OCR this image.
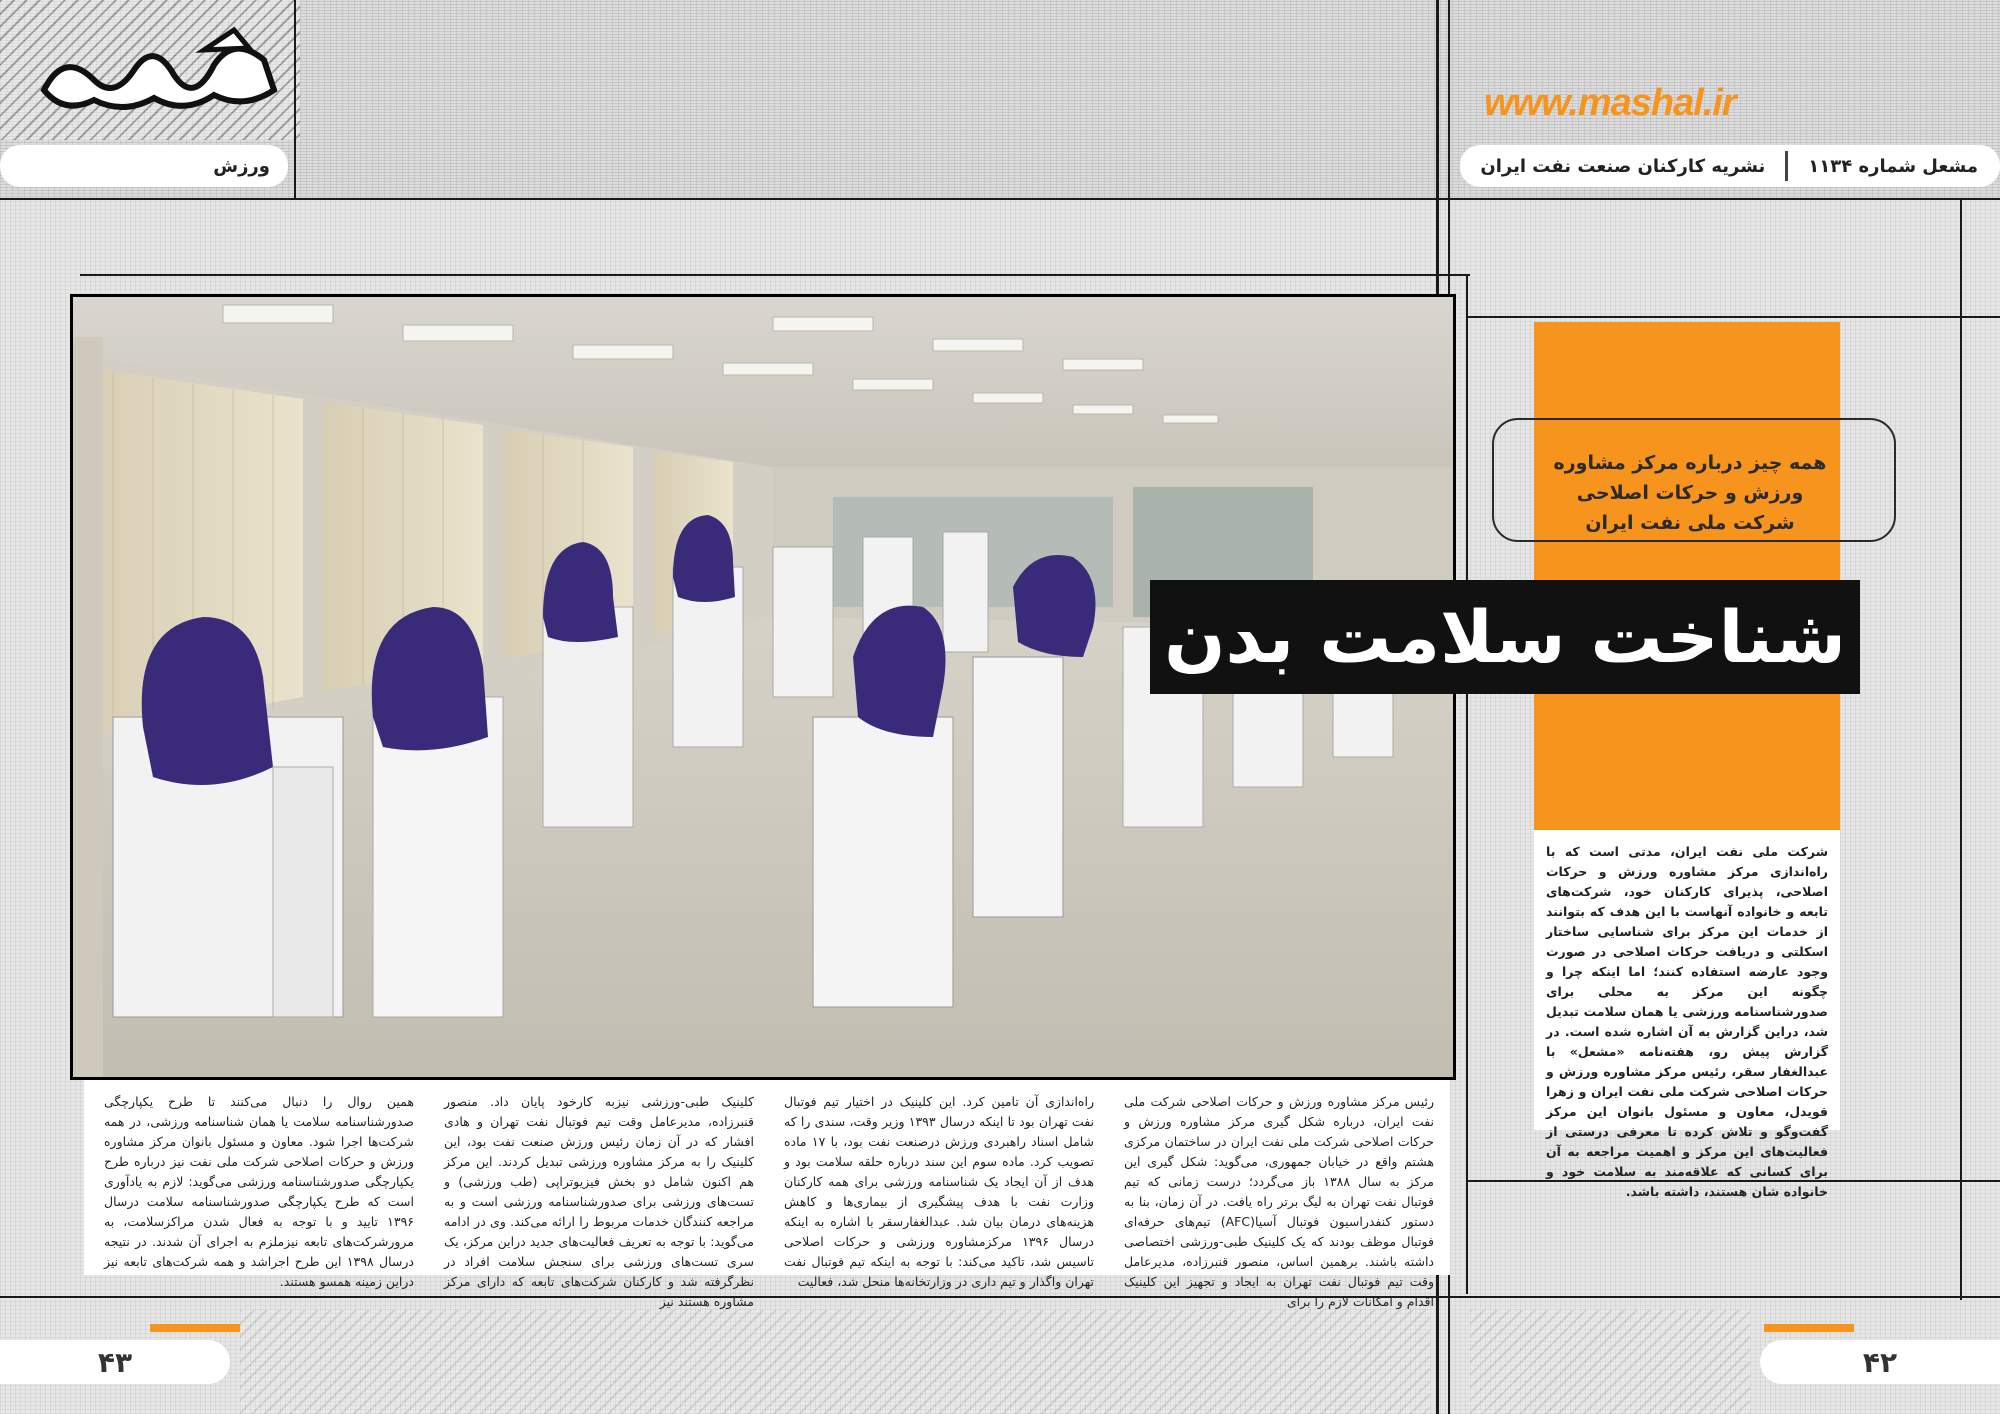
ورزش
www.mashal.ir
مشعل شماره ۱۱۳۴
نشریه کارکنان صنعت نفت ایران
همه چیز درباره مرکز مشاوره
ورزش و حرکات اصلاحی
شرکت ملی نفت ایران
شناخت سلامت بدن
شرکت ملی نفت ایران، مدتی است که با راه‌اندازی مرکز مشاوره ورزش و حرکات اصلاحی، پذیرای کارکنان خود، شرکت‌های تابعه و خانواده آنهاست با این هدف که بتوانند از خدمات این مرکز برای شناسایی ساختار اسکلتی و دریافت حرکات اصلاحی در صورت وجود عارضه استفاده کنند؛ اما اینکه چرا و چگونه این مرکز به محلی برای صدورشناسنامه ورزشی یا همان سلامت تبدیل شد، دراین گزارش به آن اشاره شده است. در گزارش پیش رو، هفته‌نامه «مشعل» با عبدالغفار سقر، رئیس مرکز مشاوره ورزش و حرکات اصلاحی شرکت ملی نفت ایران و زهرا قویدل، معاون و مسئول بانوان این مرکز گفت‌وگو و تلاش کرده تا معرفی درستی از فعالیت‌های این مرکز و اهمیت مراجعه به آن برای کسانی که علاقه‌مند به سلامت خود و خانواده شان هستند، داشته باشد.
رئیس مرکز مشاوره ورزش و حرکات اصلاحی شرکت ملی نفت ایران، درباره شکل گیری مرکز مشاوره ورزش و حرکات اصلاحی شرکت ملی نفت ایران در ساختمان مرکزی هشتم واقع در خیابان جمهوری، می‌گوید: شکل گیری این مرکز به سال ۱۳۸۸ باز می‌گردد؛ درست زمانی که تیم فوتبال نفت تهران به لیگ برتر راه یافت. در آن زمان، بنا به دستور کنفدراسیون فوتبال آسیا(AFC) تیم‌های حرفه‌ای فوتبال موظف بودند که یک کلینیک طبی-ورزشی اختصاصی داشته باشند. برهمین اساس، منصور قنبرزاده، مدیرعامل وقت تیم فوتبال نفت تهران به ایجاد و تجهیز این کلینیک اقدام و امکانات لازم را برای
راه‌اندازی آن تامین کرد. این کلینیک در اختیار تیم فوتبال نفت تهران بود تا اینکه درسال ۱۳۹۳ وزیر وقت، سندی را که شامل اسناد راهبردی ورزش درصنعت نفت بود، با ۱۷ ماده تصویب کرد. ماده سوم این سند درباره حلقه سلامت بود و هدف از آن ایجاد یک شناسنامه ورزشی برای همه کارکنان وزارت نفت با هدف پیشگیری از بیماری‌ها و کاهش هزینه‌های درمان بیان شد. عبدالغفارسقر با اشاره به اینکه درسال ۱۳۹۶ مرکزمشاوره ورزشی و حرکات اصلاحی تاسیس شد، تاکید می‌کند: با توجه به اینکه تیم فوتبال نفت تهران واگذار و تیم داری در وزارتخانه‌ها منحل شد، فعالیت
کلینیک طبی-ورزشی نیزبه کارخود پایان داد. منصور قنبرزاده، مدیرعامل وقت تیم فوتبال نفت تهران و هادی افشار که در آن زمان رئیس ورزش صنعت نفت بود، این کلینیک را به مرکز مشاوره ورزشی تبدیل کردند. این مرکز هم اکنون شامل دو بخش فیزیوتراپی (طب ورزشی) و تست‌های ورزشی برای صدورشناسنامه ورزشی است و به مراجعه کنندگان خدمات مربوط را ارائه می‌کند. وی در ادامه می‌گوید: با توجه به تعریف فعالیت‌های جدید دراین مرکز، یک سری تست‌های ورزشی برای سنجش سلامت افراد در نظرگرفته شد و کارکنان شرکت‌های تابعه که دارای مرکز مشاوره هستند نیز
همین روال را دنبال می‌کنند تا طرح یکپارچگی صدورشناسنامه سلامت یا همان شناسنامه ورزشی، در همه شرکت‌ها اجرا شود. معاون و مسئول بانوان مرکز مشاوره ورزش و حرکات اصلاحی شرکت ملی نفت نیز درباره طرح یکپارچگی صدورشناسنامه ورزشی می‌گوید: لازم به یادآوری است که طرح یکپارچگی صدورشناسنامه سلامت درسال ۱۳۹۶ تایید و با توجه به فعال شدن مراکزسلامت، به مرورشرکت‌های تابعه نیزملزم به اجرای آن شدند. در نتیجه درسال ۱۳۹۸ این طرح اجراشد و همه شرکت‌های تابعه نیز دراین زمینه همسو هستند.
۴۳	۴۲
